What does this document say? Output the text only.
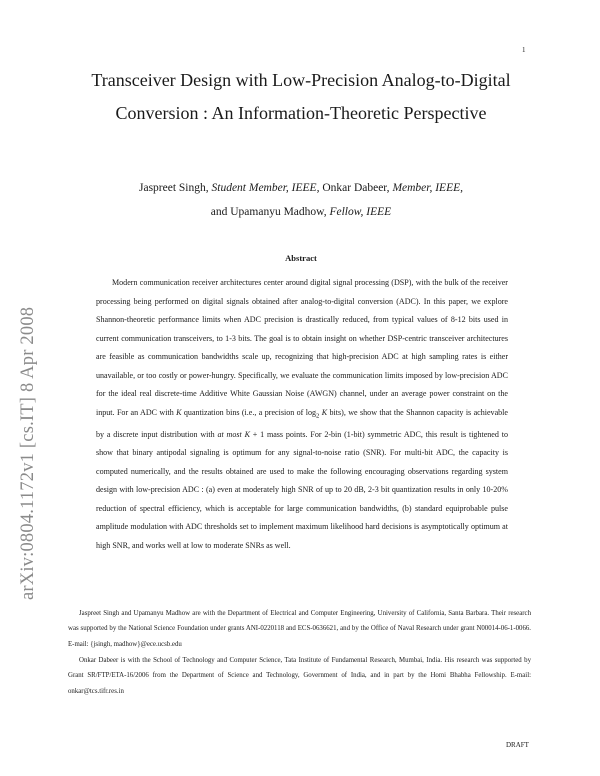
1
arXiv:0804.1172v1 [cs.IT] 8 Apr 2008
Transceiver Design with Low-Precision Analog-to-Digital Conversion : An Information-Theoretic Perspective
Jaspreet Singh, Student Member, IEEE, Onkar Dabeer, Member, IEEE,
and Upamanyu Madhow, Fellow, IEEE
Abstract

Modern communication receiver architectures center around digital signal processing (DSP), with the bulk of the receiver processing being performed on digital signals obtained after analog-to-digital conversion (ADC). In this paper, we explore Shannon-theoretic performance limits when ADC precision is drastically reduced, from typical values of 8-12 bits used in current communication transceivers, to 1-3 bits. The goal is to obtain insight on whether DSP-centric transceiver architectures are feasible as communication bandwidths scale up, recognizing that high-precision ADC at high sampling rates is either unavailable, or too costly or power-hungry. Specifically, we evaluate the communication limits imposed by low-precision ADC for the ideal real discrete-time Additive White Gaussian Noise (AWGN) channel, under an average power constraint on the input. For an ADC with K quantization bins (i.e., a precision of $\log_2 K$ bits), we show that the Shannon capacity is achievable by a discrete input distribution with at most K + 1 mass points. For 2-bin (1-bit) symmetric ADC, this result is tightened to show that binary antipodal signaling is optimum for any signal-to-noise ratio (SNR). For multi-bit ADC, the capacity is computed numerically, and the results obtained are used to make the following encouraging observations regarding system design with low-precision ADC : (a) even at moderately high SNR of up to 20 dB, 2-3 bit quantization results in only 10-20% reduction of spectral efficiency, which is acceptable for large communication bandwidths, (b) standard equiprobable pulse amplitude modulation with ADC thresholds set to implement maximum likelihood hard decisions is asymptotically optimum at high SNR, and works well at low to moderate SNRs as well.

Jaspreet Singh and Upamanyu Madhow are with the Department of Electrical and Computer Engineering, University of California, Santa Barbara. Their research was supported by the National Science Foundation under grants ANI-0220118 and ECS-0636621, and by the Office of Naval Research under grant N00014-06-1-0066. E-mail: {jsingh, madhow}@ece.ucsb.edu

Onkar Dabeer is with the School of Technology and Computer Science, Tata Institute of Fundamental Research, Mumbai, India. His research was supported by Grant SR/FTP/ETA-16/2006 from the Department of Science and Technology, Government of India, and in part by the Homi Bhabha Fellowship. E-mail: onkar@tcs.tifr.res.in

DRAFT
